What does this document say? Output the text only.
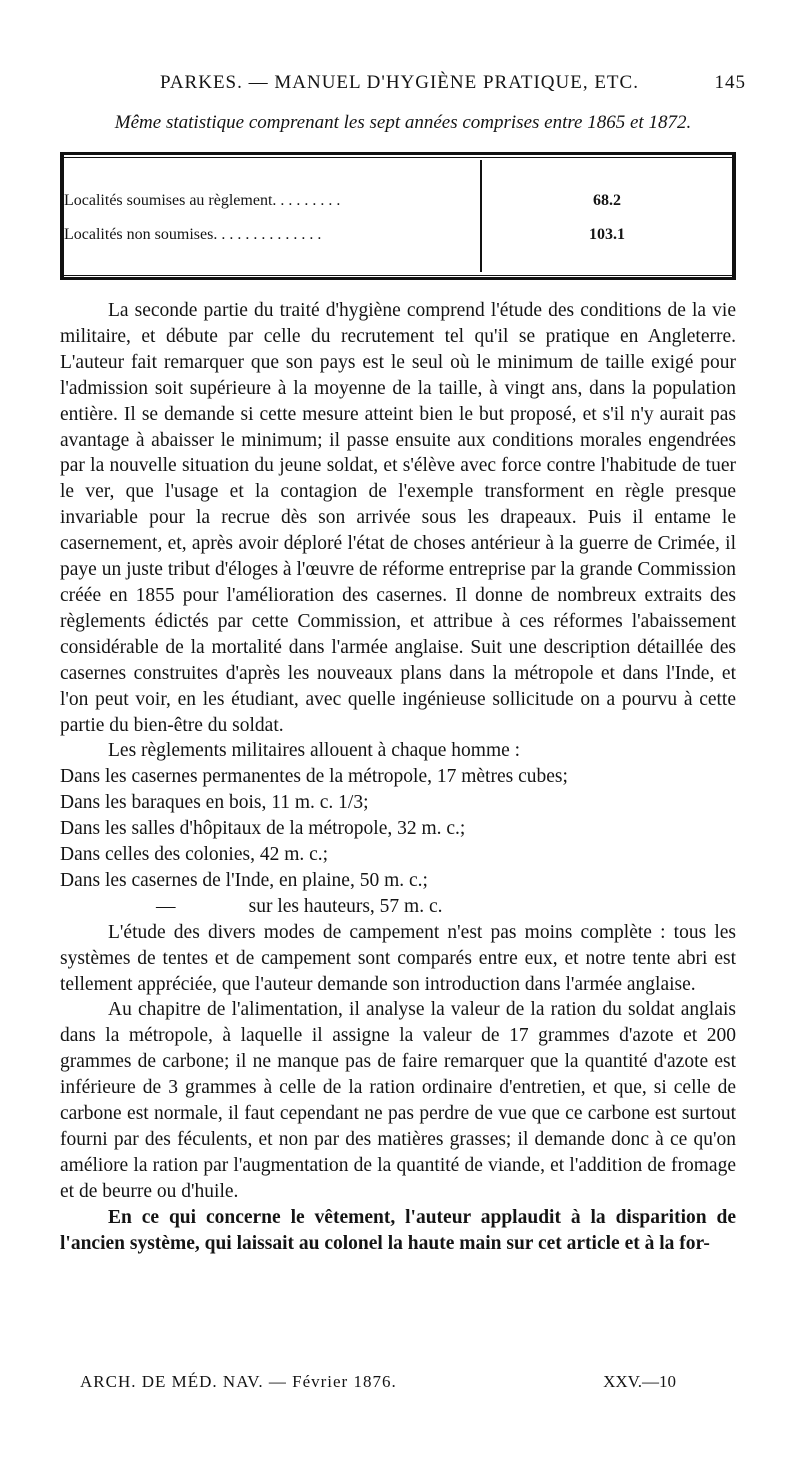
PARKES. — MANUEL D'HYGIÈNE PRATIQUE, ETC.	145
Même statistique comprenant les sept années comprises entre 1865 et 1872.
Localités soumises au règlement. . . . . . . . .	68.2
Localités non soumises. . . . . . . . . . . . . .	103.1

La seconde partie du traité d'hygiène comprend l'étude des conditions de la vie militaire, et débute par celle du recrutement tel qu'il se pratique en Angleterre. L'auteur fait remarquer que son pays est le seul où le minimum de taille exigé pour l'admission soit supérieure à la moyenne de la taille, à vingt ans, dans la population entière. Il se demande si cette mesure atteint bien le but proposé, et s'il n'y aurait pas avantage à abaisser le minimum; il passe ensuite aux conditions morales engendrées par la nouvelle situation du jeune soldat, et s'élève avec force contre l'habitude de tuer le ver, que l'usage et la contagion de l'exemple transforment en règle presque invariable pour la recrue dès son arrivée sous les drapeaux. Puis il entame le casernement, et, après avoir déploré l'état de choses antérieur à la guerre de Crimée, il paye un juste tribut d'éloges à l'œuvre de réforme entreprise par la grande Commission créée en 1855 pour l'amélioration des casernes. Il donne de nombreux extraits des règlements édictés par cette Commission, et attribue à ces réformes l'abaissement considérable de la mortalité dans l'armée anglaise. Suit une description détaillée des casernes construites d'après les nouveaux plans dans la métropole et dans l'Inde, et l'on peut voir, en les étudiant, avec quelle ingénieuse sollicitude on a pourvu à cette partie du bien-être du soldat.

Les règlements militaires allouent à chaque homme :

Dans les casernes permanentes de la métropole, 17 mètres cubes;

Dans les baraques en bois, 11 m. c. 1/3;

Dans les salles d'hôpitaux de la métropole, 32 m. c.;

Dans celles des colonies, 42 m. c.;

Dans les casernes de l'Inde, en plaine, 50 m. c.;

—               sur les hauteurs, 57 m. c.

L'étude des divers modes de campement n'est pas moins complète : tous les systèmes de tentes et de campement sont comparés entre eux, et notre tente abri est tellement appréciée, que l'auteur demande son introduction dans l'armée anglaise.

Au chapitre de l'alimentation, il analyse la valeur de la ration du soldat anglais dans la métropole, à laquelle il assigne la valeur de 17 grammes d'azote et 200 grammes de carbone; il ne manque pas de faire remarquer que la quantité d'azote est inférieure de 3 grammes à celle de la ration ordinaire d'entretien, et que, si celle de carbone est normale, il faut cependant ne pas perdre de vue que ce carbone est surtout fourni par des féculents, et non par des matières grasses; il demande donc à ce qu'on améliore la ration par l'augmentation de la quantité de viande, et l'addition de fromage et de beurre ou d'huile.

En ce qui concerne le vêtement, l'auteur applaudit à la disparition de l'ancien système, qui laissait au colonel la haute main sur cet article et à la for-

ARCH. DE MÉD. NAV. — Février 1876.	XXV.—10
